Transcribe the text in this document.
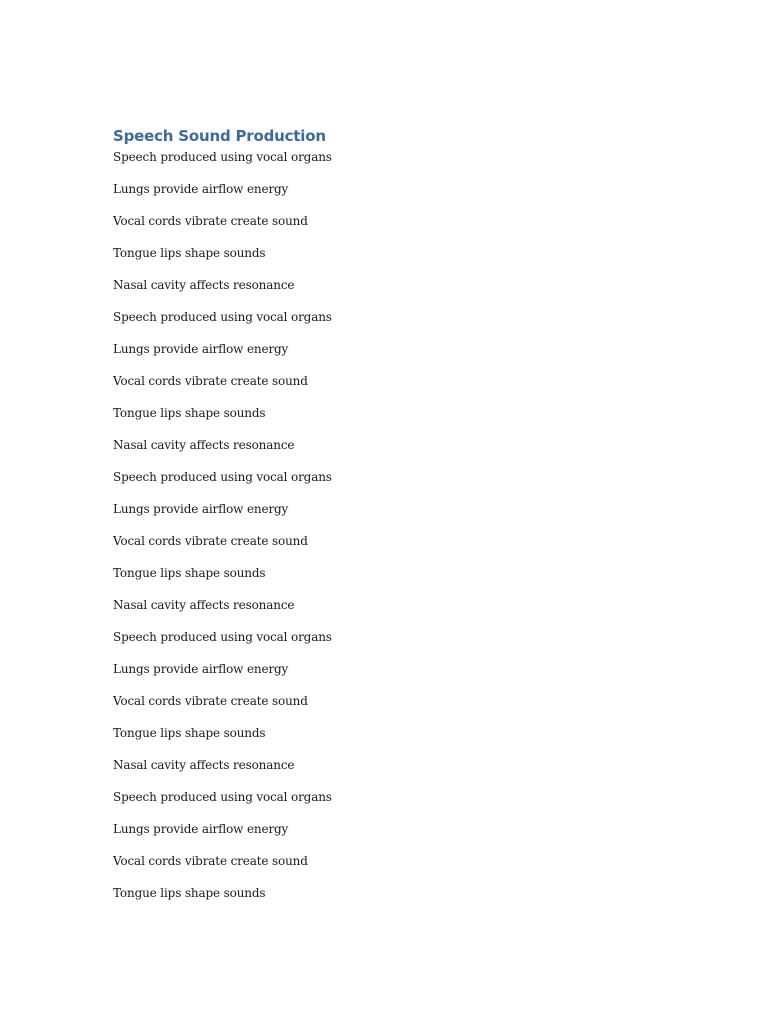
Speech Sound Production
Speech produced using vocal organs
Lungs provide airflow energy
Vocal cords vibrate create sound
Tongue lips shape sounds
Nasal cavity affects resonance
Speech produced using vocal organs
Lungs provide airflow energy
Vocal cords vibrate create sound
Tongue lips shape sounds
Nasal cavity affects resonance
Speech produced using vocal organs
Lungs provide airflow energy
Vocal cords vibrate create sound
Tongue lips shape sounds
Nasal cavity affects resonance
Speech produced using vocal organs
Lungs provide airflow energy
Vocal cords vibrate create sound
Tongue lips shape sounds
Nasal cavity affects resonance
Speech produced using vocal organs
Lungs provide airflow energy
Vocal cords vibrate create sound
Tongue lips shape sounds
